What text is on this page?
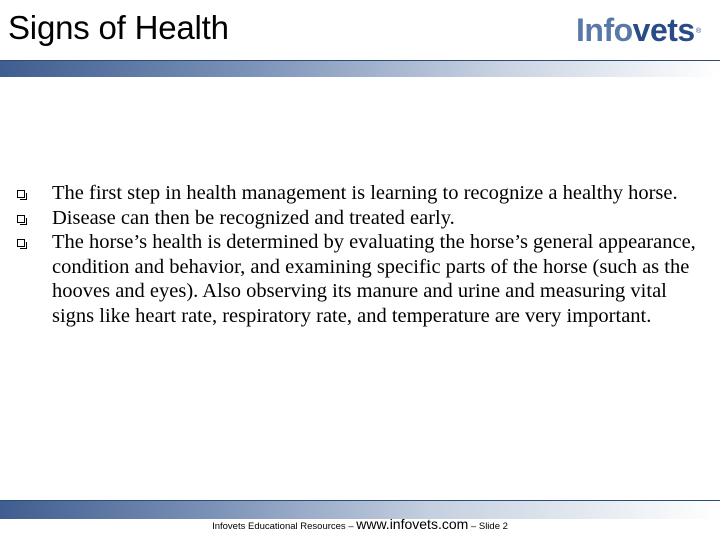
Signs of Health	Infovets ®
The first step in health management is learning to recognize a healthy horse.
Disease can then be recognized and treated early.
The horse’s health is determined by evaluating the horse’s general appearance, condition and behavior, and examining specific parts of the horse (such as the hooves and eyes). Also observing its manure and urine and measuring vital signs like heart rate, respiratory rate, and temperature are very important.
Infovets Educational Resources – www.infovets.com – Slide 2
